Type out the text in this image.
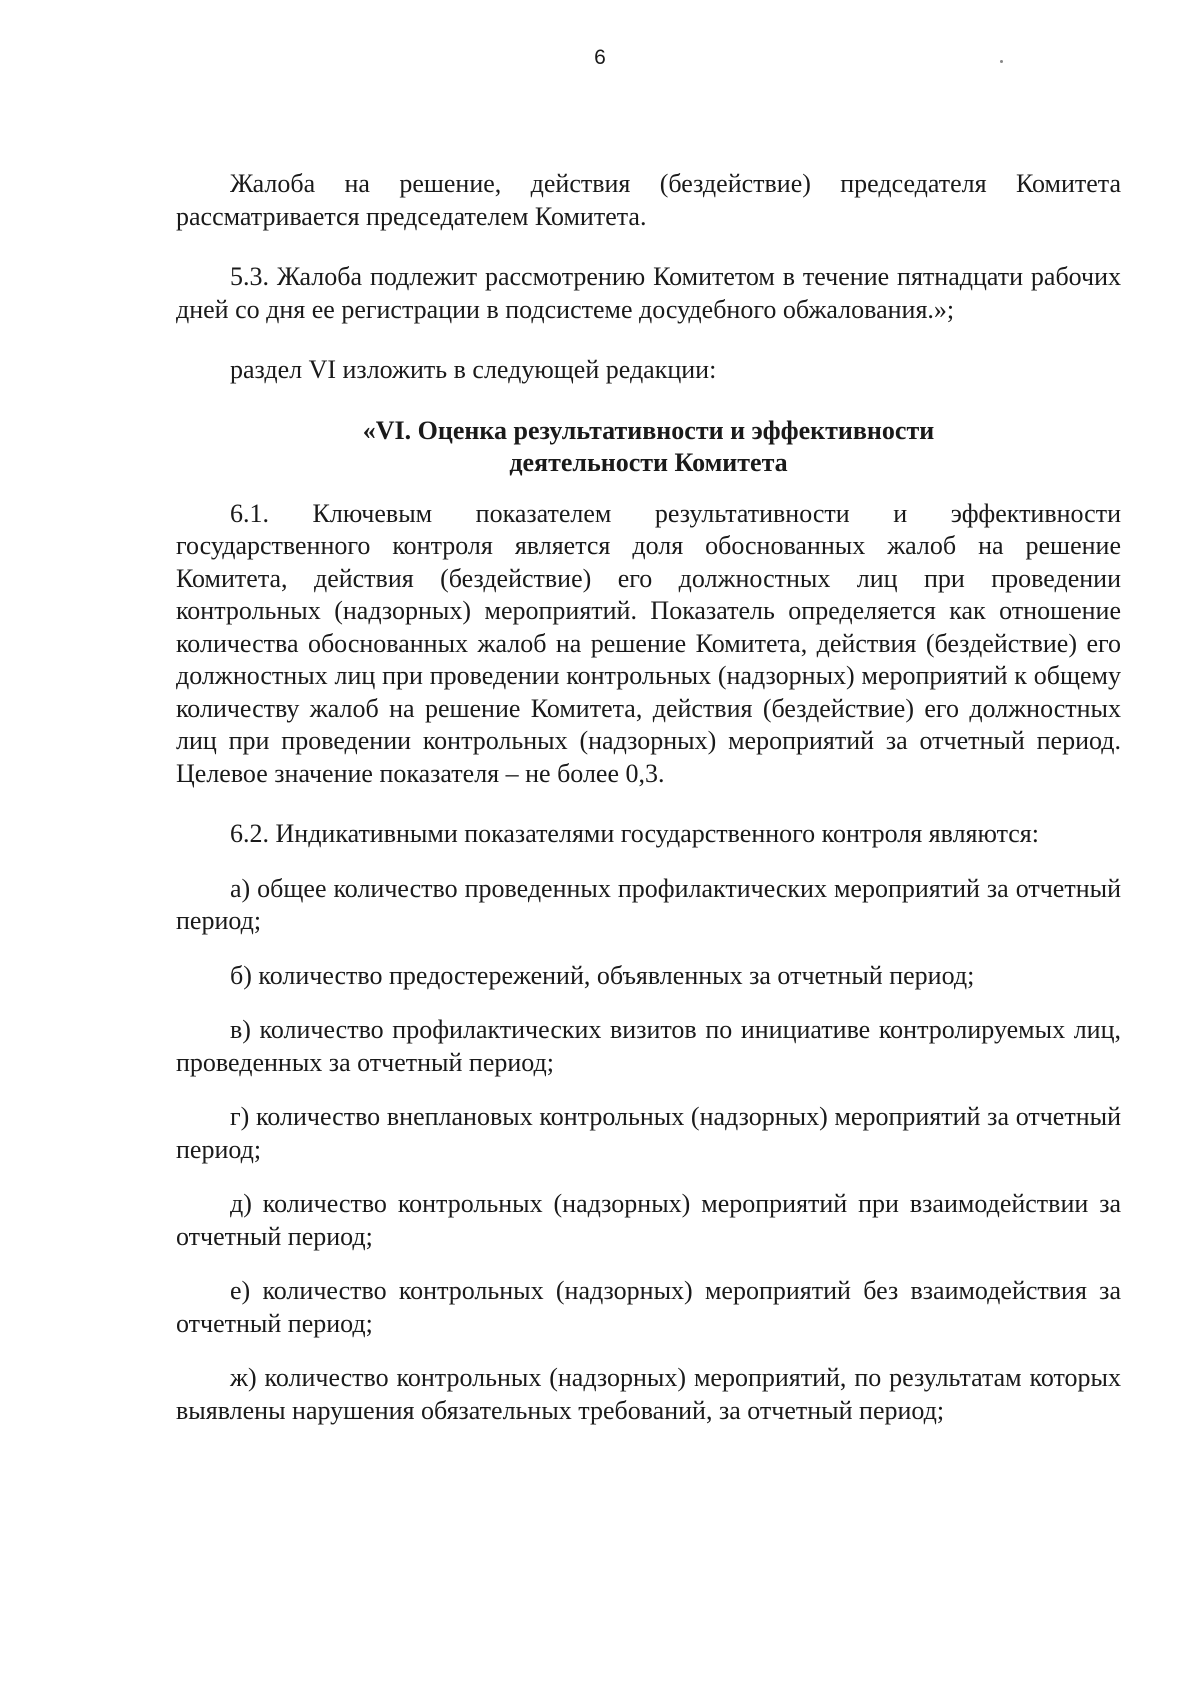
6

Жалоба на решение, действия (бездействие) председателя Комитета рассматривается председателем Комитета.

5.3. Жалоба подлежит рассмотрению Комитетом в течение пятнадцати рабочих дней со дня ее регистрации в подсистеме досудебного обжалования.»;

раздел VI изложить в следующей редакции:

«VI. Оценка результативности и эффективности
деятельности Комитета

6.1. Ключевым показателем результативности и эффективности государственного контроля является доля обоснованных жалоб на решение Комитета, действия (бездействие) его должностных лиц при проведении контрольных (надзорных) мероприятий. Показатель определяется как отношение количества обоснованных жалоб на решение Комитета, действия (бездействие) его должностных лиц при проведении контрольных (надзорных) мероприятий к общему количеству жалоб на решение Комитета, действия (бездействие) его должностных лиц при проведении контрольных (надзорных) мероприятий за отчетный период. Целевое значение показателя – не более 0,3.

6.2. Индикативными показателями государственного контроля являются:

а) общее количество проведенных профилактических мероприятий за отчетный период;

б) количество предостережений, объявленных за отчетный период;

в) количество профилактических визитов по инициативе контролируемых лиц, проведенных за отчетный период;

г) количество внеплановых контрольных (надзорных) мероприятий за отчетный период;

д) количество контрольных (надзорных) мероприятий при взаимодействии за отчетный период;

е) количество контрольных (надзорных) мероприятий без взаимодействия за отчетный период;

ж) количество контрольных (надзорных) мероприятий, по результатам которых выявлены нарушения обязательных требований, за отчетный период;
